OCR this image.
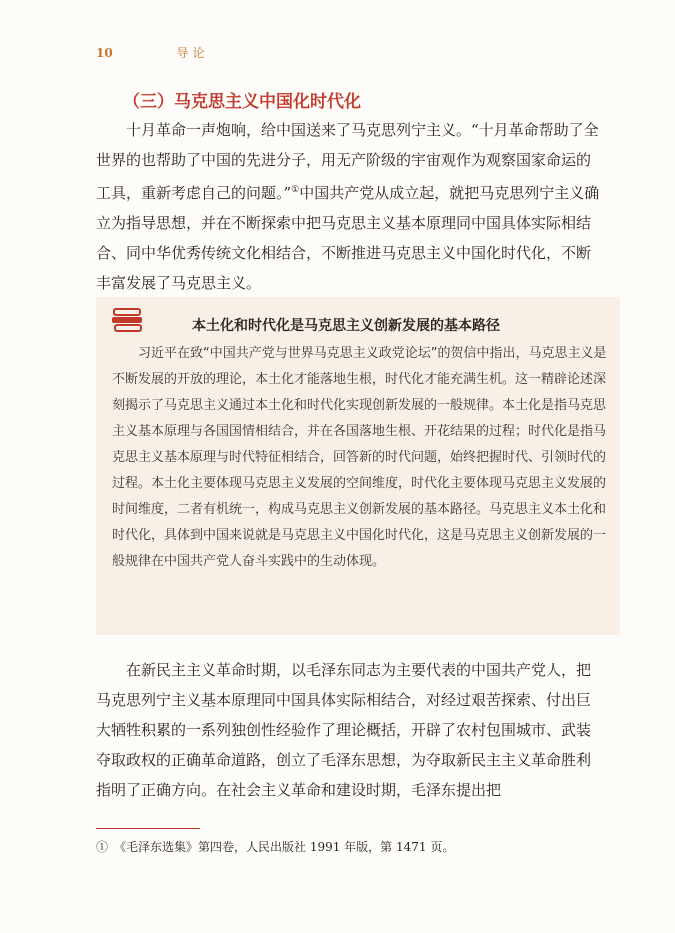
10	导论
（三）马克思主义中国化时代化

十月革命一声炮响，给中国送来了马克思列宁主义。“十月革命帮助了全世界的也帮助了中国的先进分子，用无产阶级的宇宙观作为观察国家命运的工具，重新考虑自己的问题。”①中国共产党从成立起，就把马克思列宁主义确立为指导思想，并在不断探索中把马克思主义基本原理同中国具体实际相结合、同中华优秀传统文化相结合，不断推进马克思主义中国化时代化，不断丰富发展了马克思主义。

本土化和时代化是马克思主义创新发展的基本路径

习近平在致“中国共产党与世界马克思主义政党论坛”的贺信中指出，马克思主义是不断发展的开放的理论，本土化才能落地生根，时代化才能充满生机。这一精辟论述深刻揭示了马克思主义通过本土化和时代化实现创新发展的一般规律。本土化是指马克思主义基本原理与各国国情相结合，并在各国落地生根、开花结果的过程；时代化是指马克思主义基本原理与时代特征相结合，回答新的时代问题，始终把握时代、引领时代的过程。本土化主要体现马克思主义发展的空间维度，时代化主要体现马克思主义发展的时间维度，二者有机统一，构成马克思主义创新发展的基本路径。马克思主义本土化和时代化，具体到中国来说就是马克思主义中国化时代化，这是马克思主义创新发展的一般规律在中国共产党人奋斗实践中的生动体现。

在新民主主义革命时期，以毛泽东同志为主要代表的中国共产党人，把马克思列宁主义基本原理同中国具体实际相结合，对经过艰苦探索、付出巨大牺牲积累的一系列独创性经验作了理论概括，开辟了农村包围城市、武装夺取政权的正确革命道路，创立了毛泽东思想，为夺取新民主主义革命胜利指明了正确方向。在社会主义革命和建设时期，毛泽东提出把

①　《毛泽东选集》第四卷，人民出版社 1991 年版，第 1471 页。
